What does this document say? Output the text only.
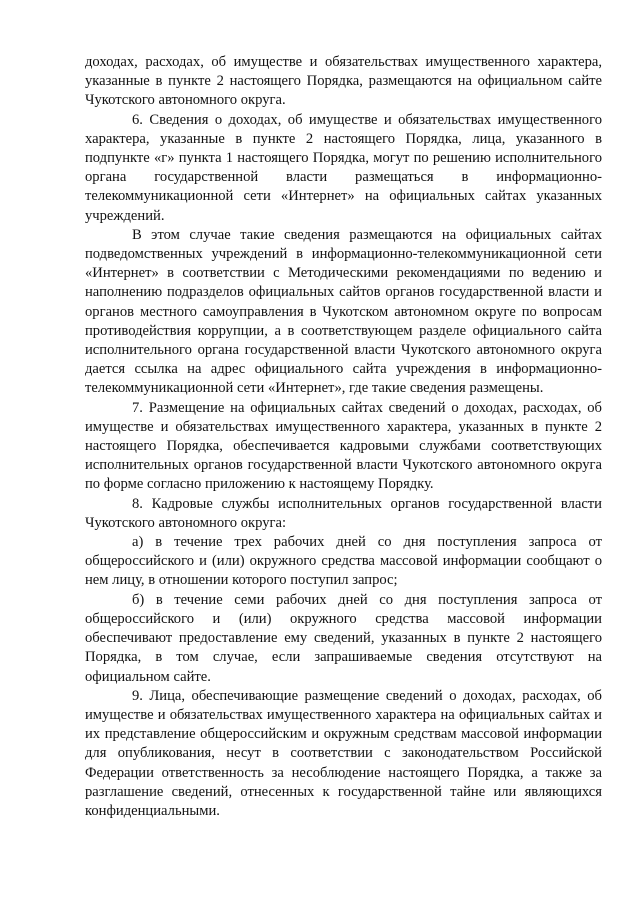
доходах, расходах, об имуществе и обязательствах имущественного характера, указанные в пункте 2 настоящего Порядка, размещаются на официальном сайте Чукотского автономного округа.

6. Сведения о доходах, об имуществе и обязательствах имущественного характера, указанные в пункте 2 настоящего Порядка, лица, указанного в подпункте «г» пункта 1 настоящего Порядка, могут по решению исполнительного органа государственной власти размещаться в информационно-телекоммуникационной сети «Интернет» на официальных сайтах указанных учреждений.

В этом случае такие сведения размещаются на официальных сайтах подведомственных учреждений в информационно-телекоммуникационной сети «Интернет» в соответствии с Методическими рекомендациями по ведению и наполнению подразделов официальных сайтов органов государственной власти и органов местного самоуправления в Чукотском автономном округе по вопросам противодействия коррупции, а в соответствующем разделе официального сайта исполнительного органа государственной власти Чукотского автономного округа дается ссылка на адрес официального сайта учреждения в информационно-телекоммуникационной сети «Интернет», где такие сведения размещены.

7. Размещение на официальных сайтах сведений о доходах, расходах, об имуществе и обязательствах имущественного характера, указанных в пункте 2 настоящего Порядка, обеспечивается кадровыми службами соответствующих исполнительных органов государственной власти Чукотского автономного округа по форме согласно приложению к настоящему Порядку.

8. Кадровые службы исполнительных органов государственной власти Чукотского автономного округа:

а) в течение трех рабочих дней со дня поступления запроса от общероссийского и (или) окружного средства массовой информации сообщают о нем лицу, в отношении которого поступил запрос;

б) в течение семи рабочих дней со дня поступления запроса от общероссийского и (или) окружного средства массовой информации обеспечивают предоставление ему сведений, указанных в пункте 2 настоящего Порядка, в том случае, если запрашиваемые сведения отсутствуют на официальном сайте.

9. Лица, обеспечивающие размещение сведений о доходах, расходах, об имуществе и обязательствах имущественного характера на официальных сайтах и их представление общероссийским и окружным средствам массовой информации для опубликования, несут в соответствии с законодательством Российской Федерации ответственность за несоблюдение настоящего Порядка, а также за разглашение сведений, отнесенных к государственной тайне или являющихся конфиденциальными.
